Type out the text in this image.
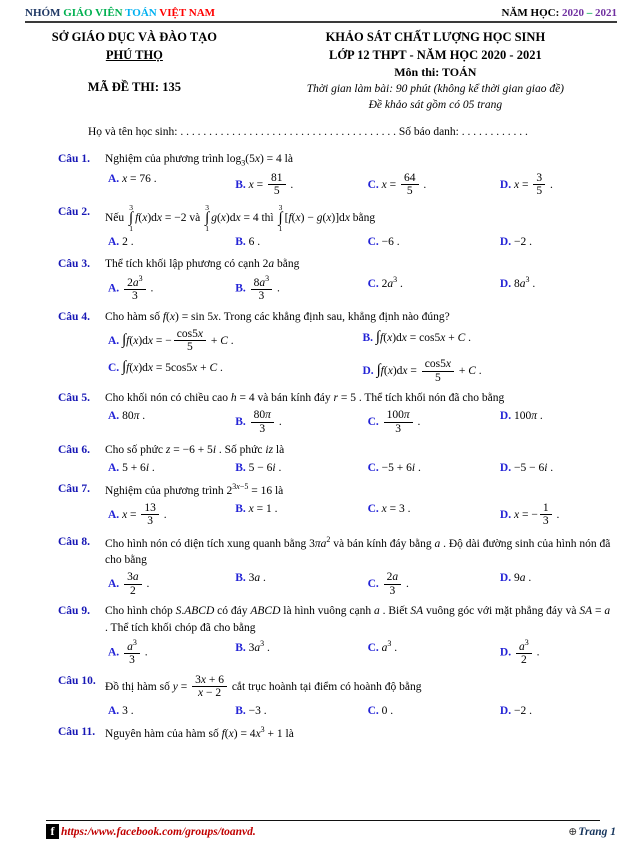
NHÓM GIÁO VIÊN TOÁN VIỆT NAM	NĂM HỌC: 2020 – 2021
SỞ GIÁO DỤC VÀ ĐÀO TẠO
PHÚ THỌ
MÃ ĐỀ THI: 135
KHẢO SÁT CHẤT LƯỢNG HỌC SINH
LỚP 12 THPT - NĂM HỌC 2020 - 2021
Môn thi: TOÁN
Thời gian làm bài: 90 phút (không kể thời gian giao đề)
Đề khảo sát gồm có 05 trang
Họ và tên học sinh: . . . . . . . . . . . . . . . . . . . . . . . . . . . . . . . . . . . . . . Số báo danh: . . . . . . . . . . . .
Câu 1.	Nghiệm của phương trình $\log_3(5x) = 4$ là
A. x = 76 .	B. $x = \frac{81}{5}$ .	C. $x = \frac{64}{5}$ .	D. $x = \frac{3}{5}$ .
Câu 2.	Nếu
3
∫
1
f(x)dx = −2 và
3
∫
1
g(x)dx = 4 thì
3
∫
1
[f(x) − g(x)]dx bằng
A. 2 .	B. 6 .	C. −6 .	D. −2 .
Câu 3.	Thể tích khối lập phương có cạnh 2a bằng
A. $\frac{2a^3}{3}$ .	B. $\frac{8a^3}{3}$ .	C. $2a^3$ .	D. $8a^3$ .
Câu 4.	Cho hàm số f(x) = sin 5x. Trong các khẳng định sau, khẳng định nào đúng?
A. ∫f(x)dx = − $\frac{\cos 5x}{5} + C$ .	B. ∫f(x)dx = cos5x + C .
C. ∫f(x)dx = 5cos5x + C .	D. $\int f(x)dx = \frac{\cos 5x}{5} + C$ .
Câu 5.	Cho khối nón có chiều cao h = 4 và bán kính đáy r = 5 . Thể tích khối nón đã cho bằng
A. 80π .	B. $\frac{80\pi}{3}$ .	C. $\frac{100\pi}{3}$ .	D. 100π .
Câu 6.	Cho số phức z = −6 + 5i . Số phức iz là
A. 5 + 6i .	B. 5 − 6i .	C. −5 + 6i .	D. −5 − 6i .
Câu 7.	Nghiệm của phương trình $2^{3x-5} = 16$ là
A. $x = \frac{13}{3}$ .	B. x = 1 .	C. x = 3 .	D. x = − $\frac{1}{3}$ .
Câu 8.	Cho hình nón có diện tích xung quanh bằng $3\pi a^2$ và bán kính đáy bằng a . Độ dài đường sinh của hình nón đã cho bằng
A. $\frac{3a}{2}$ .	B. 3a .	C. $\frac{2a}{3}$ .	D. 9a .
Câu 9.	Cho hình chóp S.ABCD có đáy ABCD là hình vuông cạnh a . Biết SA vuông góc với mặt phẳng đáy và SA = a . Thể tích khối chóp đã cho bằng
A. $\frac{a^3}{3}$ .	B. $3a^3$ .	C. $a^3$ .	D. $\frac{a^3}{2}$ .
Câu 10. Đồ thị hàm số $y = \frac{3x + 6}{x - 2}$ cắt trục hoành tại điểm có hoành độ bằng
A. 3 .	B. −3 .	C. 0 .	D. −2 .
Câu 11. Nguyên hàm của hàm số $f(x) = 4x^3 + 1$ là
f https:/www.facebook.com/groups/toanvd.	⊕ Trang 1
